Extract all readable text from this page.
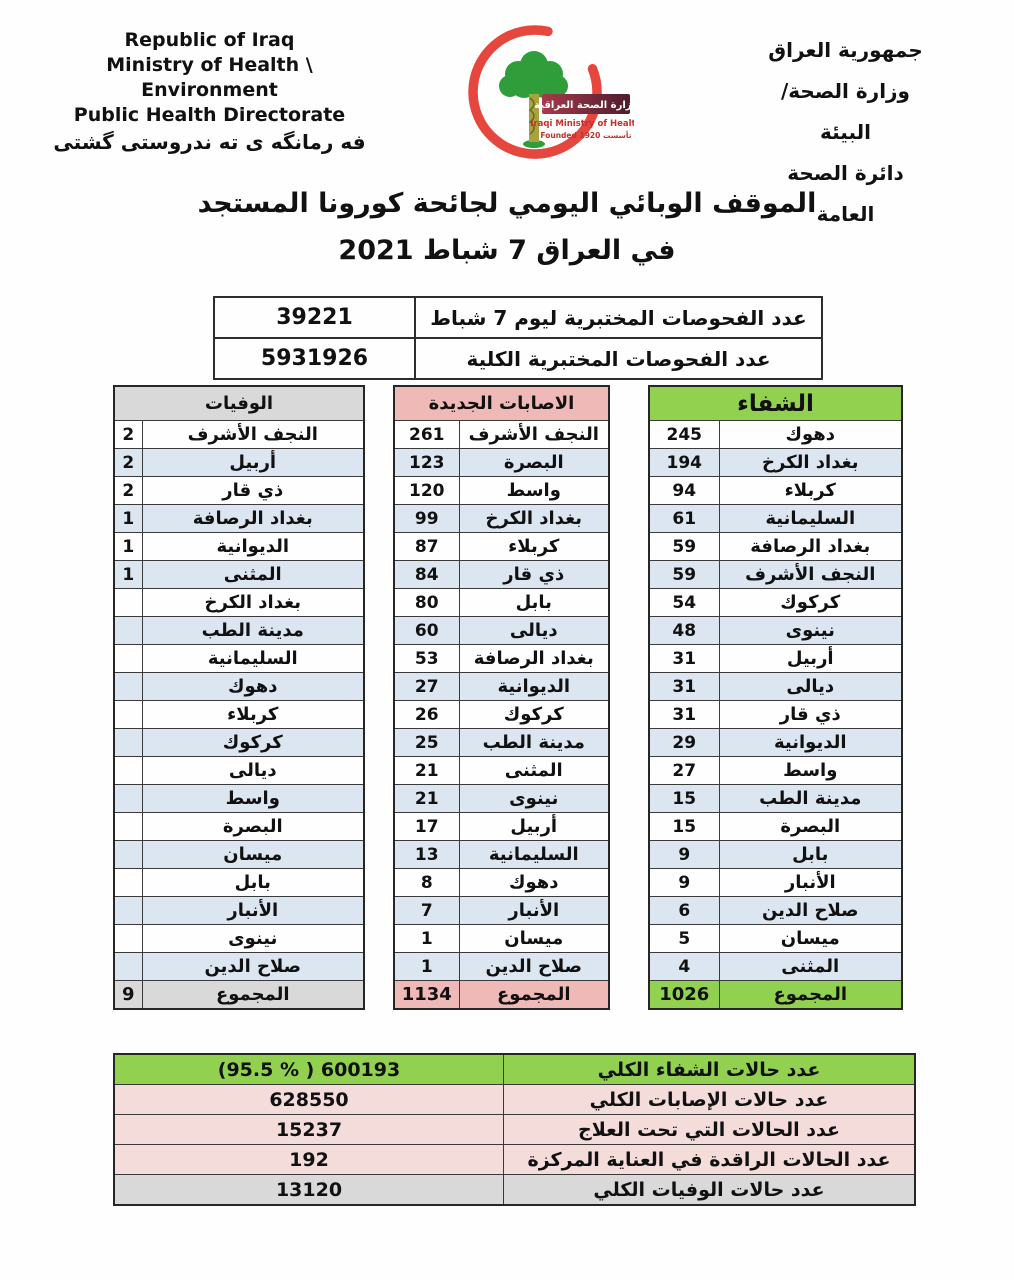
Republic of Iraq
Ministry of Health \ Environment
Public Health Directorate
فه رمانگه ی ته ندروستی گشتی
وزارة الصحة العراقية
Iraqi Ministry of Health
Founded 1920 تأسست
جمهورية العراق
وزارة الصحة/ البيئة
دائرة الصحة العامة
الموقف الوبائي اليومي لجائحة كورونا المستجد
في العراق 7 شباط 2021
39221	عدد الفحوصات المختبرية ليوم 7 شباط
5931926	عدد الفحوصات المختبرية الكلية
الوفيات	
2	النجف الأشرف
2	أربيل
2	ذي قار
1	بغداد الرصافة
1	الديوانية
1	المثنى
	بغداد الكرخ
	مدينة الطب
	السليمانية
	دهوك
	كربلاء
	كركوك
	ديالى
	واسط
	البصرة
	ميسان
	بابل
	الأنبار
	نينوى
	صلاح الدين
9	المجموع
الاصابات الجديدة	
261	النجف الأشرف
123	البصرة
120	واسط
99	بغداد الكرخ
87	كربلاء
84	ذي قار
80	بابل
60	ديالى
53	بغداد الرصافة
27	الديوانية
26	كركوك
25	مدينة الطب
21	المثنى
21	نينوى
17	أربيل
13	السليمانية
8	دهوك
7	الأنبار
1	ميسان
1	صلاح الدين
1134	المجموع
الشفاء	
245	دهوك
194	بغداد الكرخ
94	كربلاء
61	السليمانية
59	بغداد الرصافة
59	النجف الأشرف
54	كركوك
48	نينوى
31	أربيل
31	ديالى
31	ذي قار
29	الديوانية
27	واسط
15	مدينة الطب
15	البصرة
9	بابل
9	الأنبار
6	صلاح الدين
5	ميسان
4	المثنى
1026	المجموع
(95.5 % ) 600193	عدد حالات الشفاء الكلي
628550	عدد حالات الإصابات الكلي
15237	عدد الحالات التي تحت العلاج
192	عدد الحالات الراقدة في العناية المركزة
13120	عدد حالات الوفيات الكلي
